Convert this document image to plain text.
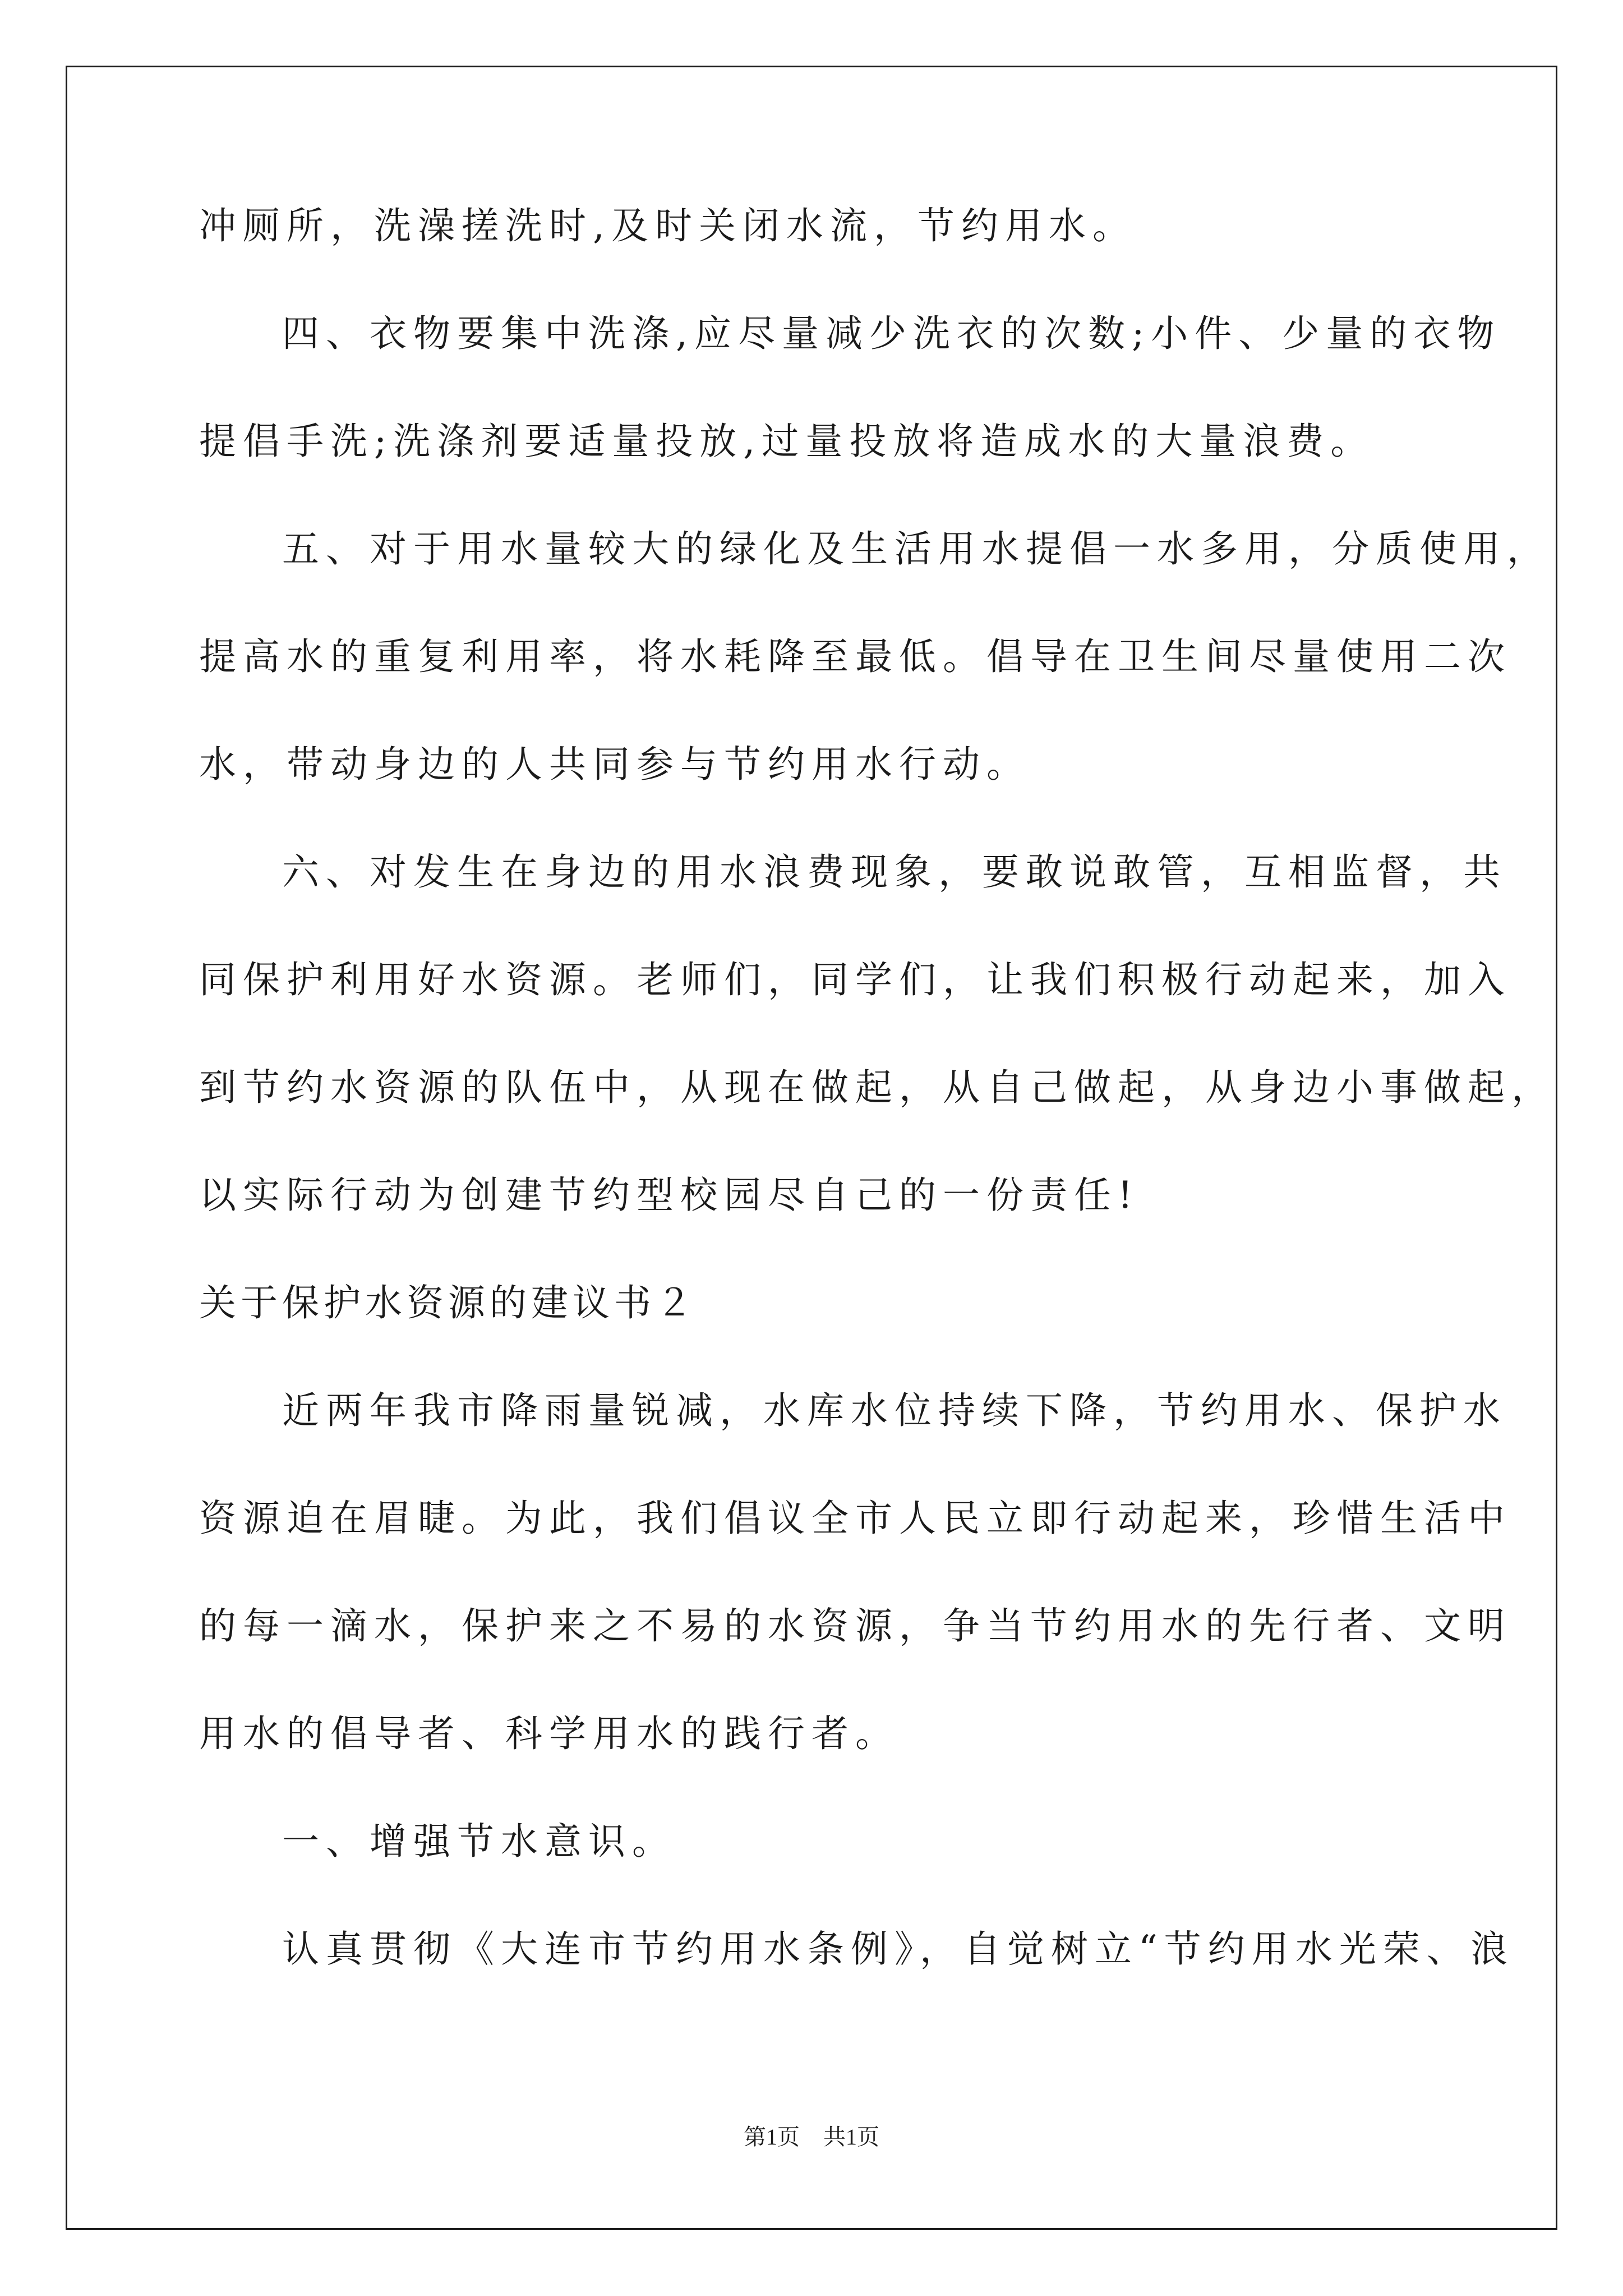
冲厕所，洗澡搓洗时,及时关闭水流，节约用水。
四、衣物要集中洗涤,应尽量减少洗衣的次数;小件、少量的衣物
提倡手洗;洗涤剂要适量投放,过量投放将造成水的大量浪费。
五、对于用水量较大的绿化及生活用水提倡一水多用，分质使用，
提高水的重复利用率，将水耗降至最低。倡导在卫生间尽量使用二次
水，带动身边的人共同参与节约用水行动。
六、对发生在身边的用水浪费现象，要敢说敢管，互相监督，共
同保护利用好水资源。老师们，同学们，让我们积极行动起来，加入
到节约水资源的队伍中，从现在做起，从自己做起，从身边小事做起，
以实际行动为创建节约型校园尽自己的一份责任!
关于保护水资源的建议书２
近两年我市降雨量锐减，水库水位持续下降，节约用水、保护水
资源迫在眉睫。为此，我们倡议全市人民立即行动起来，珍惜生活中
的每一滴水，保护来之不易的水资源，争当节约用水的先行者、文明
用水的倡导者、科学用水的践行者。
一、增强节水意识。
认真贯彻《大连市节约用水条例》，自觉树立“节约用水光荣、浪
第1页 共1页
